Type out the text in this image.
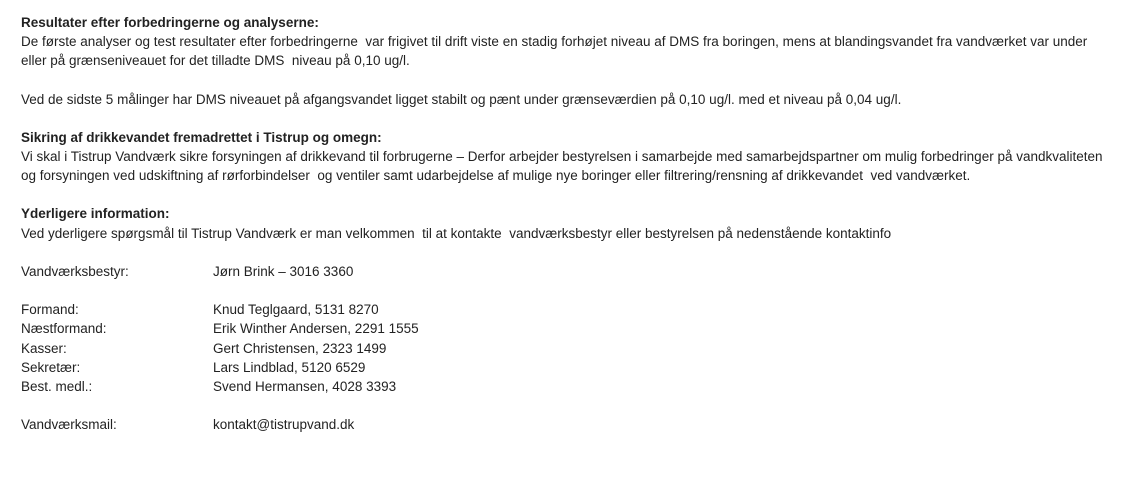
Resultater efter forbedringerne og analyserne:
De første analyser og test resultater efter forbedringerne  var frigivet til drift viste en stadig forhøjet niveau af DMS fra boringen, mens at blandingsvandet fra vandværket var under  eller på grænseniveauet for det tilladte DMS  niveau på 0,10 ug/l.
Ved de sidste 5 målinger har DMS niveauet på afgangsvandet ligget stabilt og pænt under grænseværdien på 0,10 ug/l. med et niveau på 0,04 ug/l.
Sikring af drikkevandet fremadrettet i Tistrup og omegn:
Vi skal i Tistrup Vandværk sikre forsyningen af drikkevand til forbrugerne – Derfor arbejder bestyrelsen i samarbejde med samarbejdspartner om mulig forbedringer på vandkvaliteten og forsyningen ved udskiftning af rørforbindelser  og ventiler samt udarbejdelse af mulige nye boringer eller filtrering/rensning af drikkevandet  ved vandværket.
Yderligere information:
Ved yderligere spørgsmål til Tistrup Vandværk er man velkommen  til at kontakte  vandværksbestyr eller bestyrelsen på nedenstående kontaktinfo
Vandværksbestyr:	Jørn Brink – 3016 3360
Formand:	Knud Teglgaard, 5131 8270
Næstformand:	Erik Winther Andersen, 2291 1555
Kasser:	Gert Christensen, 2323 1499
Sekretær:	Lars Lindblad, 5120 6529
Best. medl.:	Svend Hermansen, 4028 3393
Vandværksmail:	kontakt@tistrupvand.dk
